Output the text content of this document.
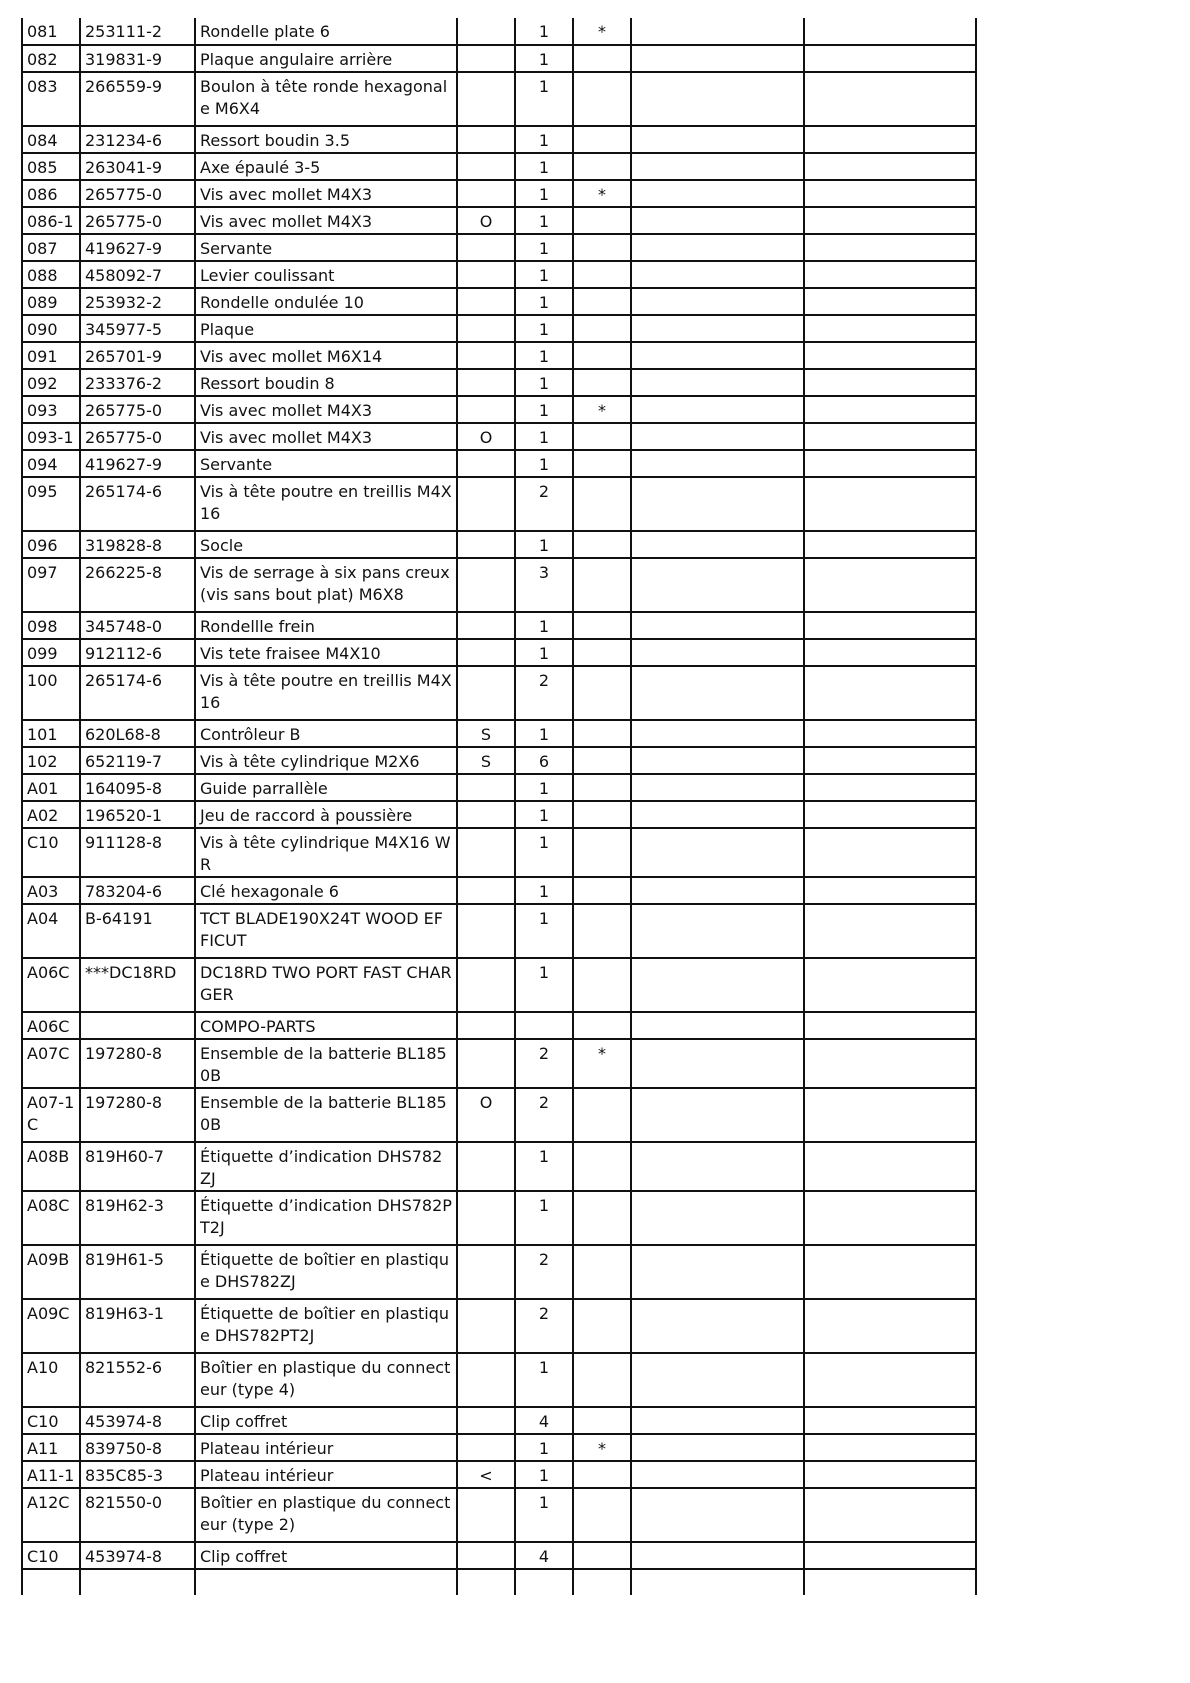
081	253111-2	Rondelle plate 6		1	*		
082	319831-9	Plaque angulaire arrière		1			
083	266559-9	Boulon à tête ronde hexagonale M6X4		1			
084	231234-6	Ressort boudin 3.5		1			
085	263041-9	Axe épaulé 3-5		1			
086	265775-0	Vis avec mollet M4X3		1	*		
086-1	265775-0	Vis avec mollet M4X3	O	1			
087	419627-9	Servante		1			
088	458092-7	Levier coulissant		1			
089	253932-2	Rondelle ondulée 10		1			
090	345977-5	Plaque		1			
091	265701-9	Vis avec mollet M6X14		1			
092	233376-2	Ressort boudin 8		1			
093	265775-0	Vis avec mollet M4X3		1	*		
093-1	265775-0	Vis avec mollet M4X3	O	1			
094	419627-9	Servante		1			
095	265174-6	Vis à tête poutre en treillis M4X16		2			
096	319828-8	Socle		1			
097	266225-8	Vis de serrage à six pans creux (vis sans bout plat) M6X8		3			
098	345748-0	Rondellle frein		1			
099	912112-6	Vis tete fraisee M4X10		1			
100	265174-6	Vis à tête poutre en treillis M4X16		2			
101	620L68-8	Contrôleur B	S	1			
102	652119-7	Vis à tête cylindrique M2X6	S	6			
A01	164095-8	Guide parrallèle		1			
A02	196520-1	Jeu de raccord à poussière		1			
C10	911128-8	Vis à tête cylindrique M4X16 WR		1			
A03	783204-6	Clé hexagonale 6		1			
A04	B-64191	TCT BLADE190X24T WOOD EFFICUT		1			
A06C	***DC18RD	DC18RD TWO PORT FAST CHARGER		1			
A06C		COMPO-PARTS					
A07C	197280-8	Ensemble de la batterie BL1850B		2	*		
A07-1C	197280-8	Ensemble de la batterie BL1850B	O	2			
A08B	819H60-7	Étiquette d’indication DHS782ZJ		1			
A08C	819H62-3	Étiquette d’indication DHS782PT2J		1			
A09B	819H61-5	Étiquette de boîtier en plastique DHS782ZJ		2			
A09C	819H63-1	Étiquette de boîtier en plastique DHS782PT2J		2			
A10	821552-6	Boîtier en plastique du connecteur (type 4)		1			
C10	453974-8	Clip coffret		4			
A11	839750-8	Plateau intérieur		1	*		
A11-1	835C85-3	Plateau intérieur	<	1			
A12C	821550-0	Boîtier en plastique du connecteur (type 2)		1			
C10	453974-8	Clip coffret		4			
